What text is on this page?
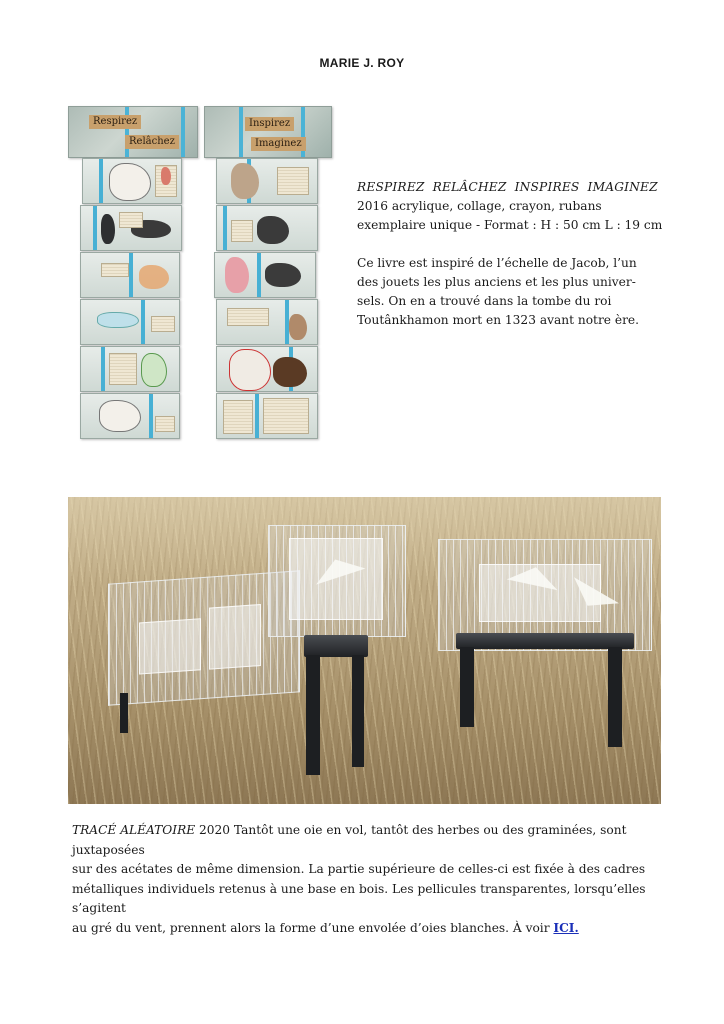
MARIE J. ROY
Respirez
Relâchez
Inspirez
Imaginez
RESPIREZ RELÂCHEZ INSPIRES IMAGINEZ
2016 acrylique, collage, crayon, rubans
exemplaire unique - Format : H : 50 cm L : 19 cm
Ce livre est inspiré de l’échelle de Jacob, l’un
des jouets les plus anciens et les plus univer-
sels. On en a trouvé dans la tombe du roi
Toutânkhamon mort en 1323 avant notre ère.
TRACÉ ALÉATOIRE 2020 Tantôt une oie en vol, tantôt des herbes ou des graminées, sont juxtaposées
sur des acétates de même dimension. La partie supérieure de celles-ci est fixée à des cadres
métalliques individuels retenus à une base en bois. Les pellicules transparentes, lorsqu’elles s’agitent
au gré du vent, prennent alors la forme d’une envolée d’oies blanches. À voir ICI.
